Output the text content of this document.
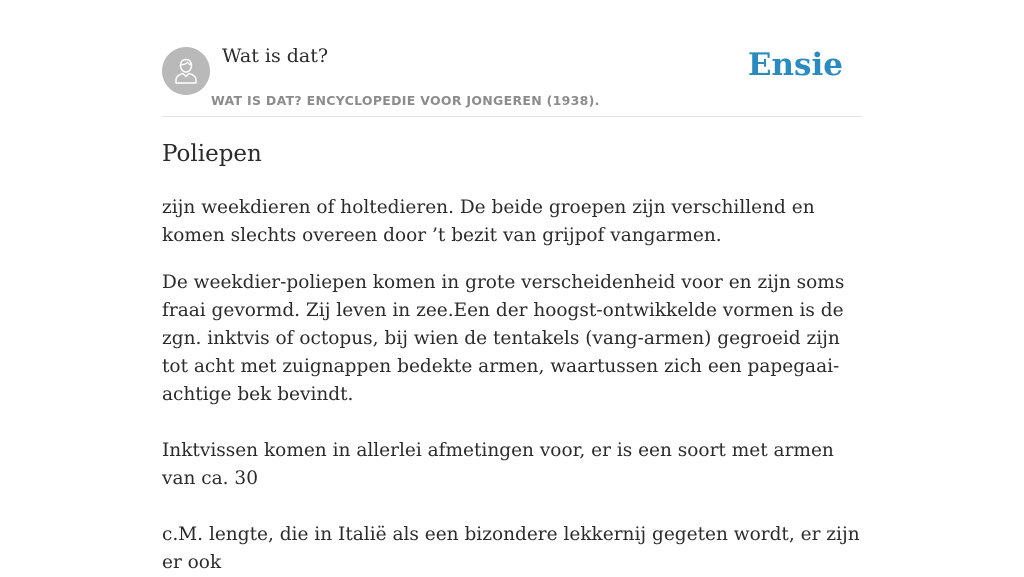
Wat is dat?
WAT IS DAT? ENCYCLOPEDIE VOOR JONGEREN (1938).
Ensie
Poliepen

zijn weekdieren of holtedieren. De beide groepen zijn verschillend en komen slechts overeen door ’t bezit van grijpof vangarmen.

De weekdier-poliepen komen in grote verscheidenheid voor en zijn soms fraai gevormd. Zij leven in zee.Een der hoogst-ontwikkelde vormen is de zgn. inktvis of octopus, bij wien de tentakels (vang-armen) gegroeid zijn tot acht met zuignappen bedekte armen, waartussen zich een papegaai-achtige bek bevindt.

Inktvissen komen in allerlei afmetingen voor, er is een soort met armen van ca. 30

c.M. lengte, die in Italië als een bizondere lekkernij gegeten wordt, er zijn er ook
